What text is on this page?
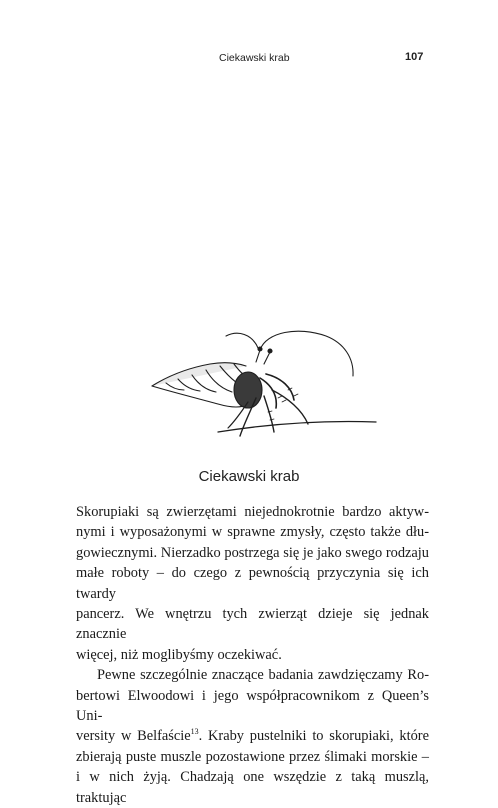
Ciekawski krab	107
Ciekawski krab

Skorupiaki są zwierzętami niejednokrotnie bardzo aktyw-

nymi i wyposażonymi w sprawne zmysły, często także dłu-

gowiecznymi. Nierzadko postrzega się je jako swego rodzaju

małe roboty – do czego z pewnością przyczynia się ich twardy

pancerz. We wnętrzu tych zwierząt dzieje się jednak znacznie

więcej, niż moglibyśmy oczekiwać.

Pewne szczególnie znaczące badania zawdzięczamy Ro-

bertowi Elwoodowi i jego współpracownikom z Queen’s Uni-

versity w Belfaście$^{13}$. Kraby pustelniki to skorupiaki, które

zbierają puste muszle pozostawione przez ślimaki morskie –

i w nich żyją. Chadzają one wszędzie z taką muszlą, traktując
